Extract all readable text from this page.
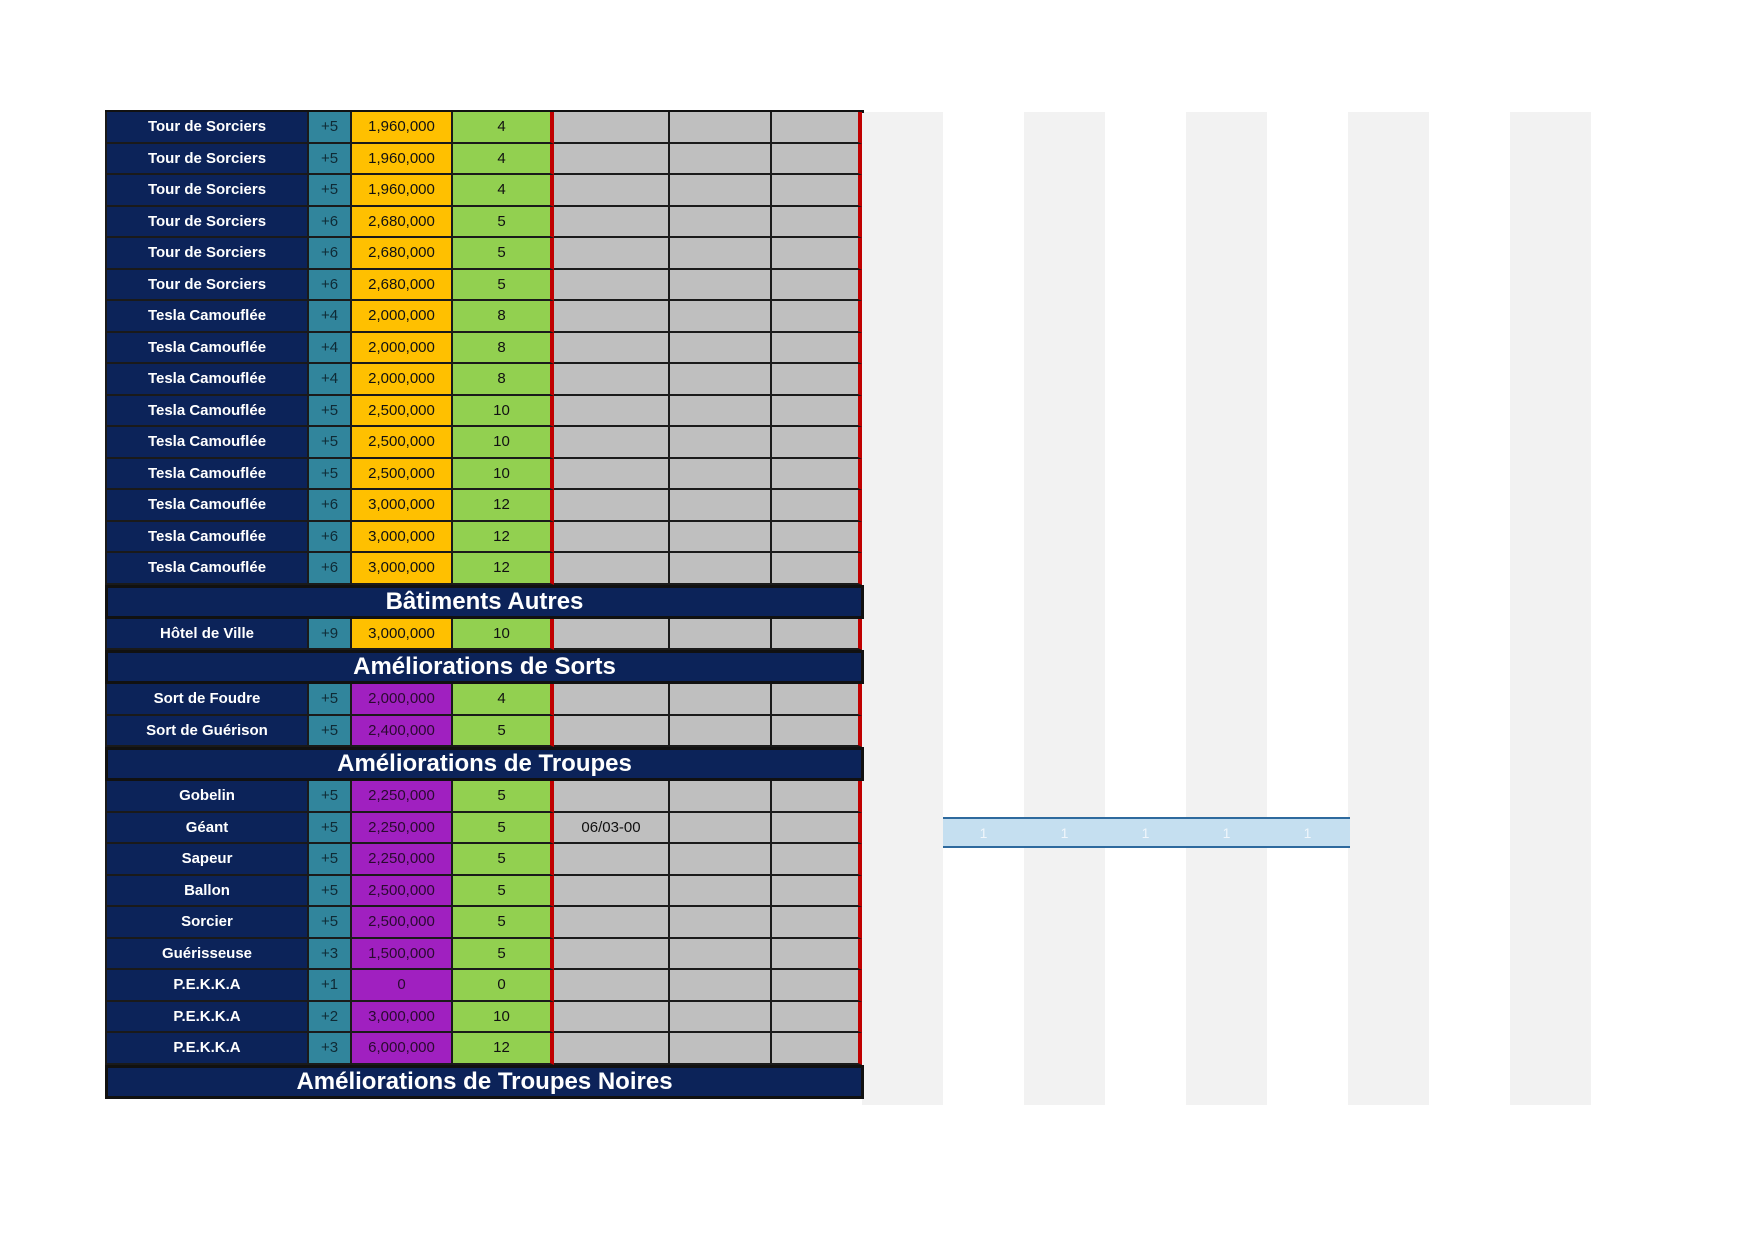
Tour de Sorciers	+5	1,960,000	4
Tour de Sorciers	+5	1,960,000	4
Tour de Sorciers	+5	1,960,000	4
Tour de Sorciers	+6	2,680,000	5
Tour de Sorciers	+6	2,680,000	5
Tour de Sorciers	+6	2,680,000	5
Tesla Camouflée	+4	2,000,000	8
Tesla Camouflée	+4	2,000,000	8
Tesla Camouflée	+4	2,000,000	8
Tesla Camouflée	+5	2,500,000	10
Tesla Camouflée	+5	2,500,000	10
Tesla Camouflée	+5	2,500,000	10
Tesla Camouflée	+6	3,000,000	12
Tesla Camouflée	+6	3,000,000	12
Tesla Camouflée	+6	3,000,000	12
Bâtiments Autres
Hôtel de Ville	+9	3,000,000	10
Améliorations de Sorts
Sort de Foudre	+5	2,000,000	4
Sort de Guérison	+5	2,400,000	5
Améliorations de Troupes
Gobelin	+5	2,250,000	5
Géant	+5	2,250,000	5	06/03-00
Sapeur	+5	2,250,000	5
Ballon	+5	2,500,000	5
Sorcier	+5	2,500,000	5
Guérisseuse	+3	1,500,000	5
P.E.K.K.A	+1	0	0
P.E.K.K.A	+2	3,000,000	10
P.E.K.K.A	+3	6,000,000	12
Améliorations de Troupes Noires
1	1	1	1	1
